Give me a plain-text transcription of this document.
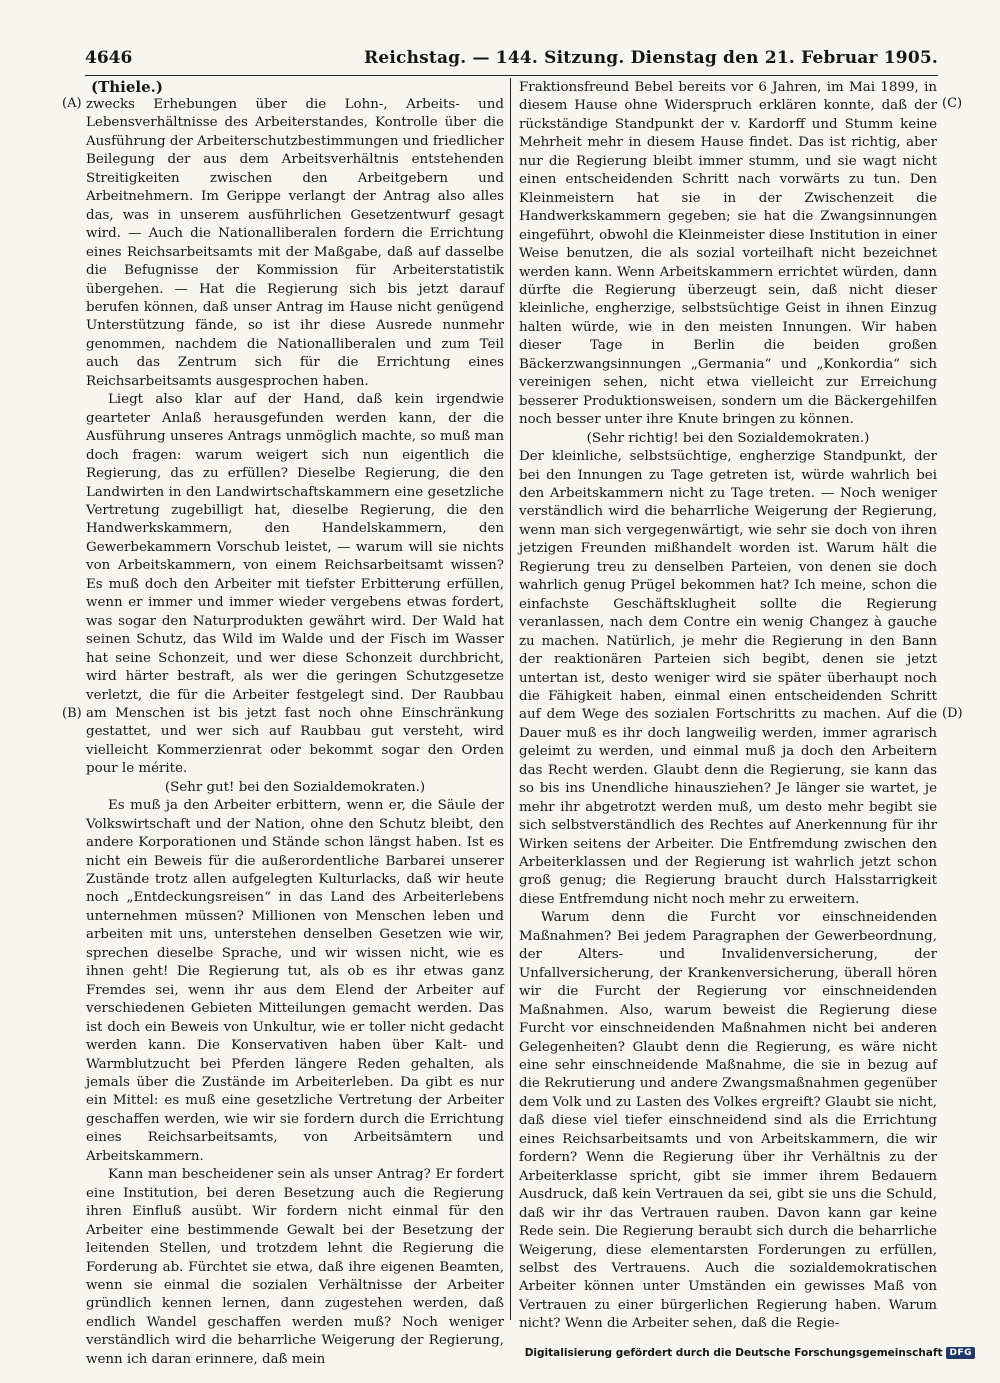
4646	Reichstag. — 144. Sitzung. Dienstag den 21. Februar 1905.
(Thiele.)
(A)
(B)
(C)
(D)

zwecks Erhebungen über die Lohn-, Arbeits- und Lebensverhältnisse des Arbeiterstandes, Kontrolle über die Ausführung der Arbeiterschutzbestimmungen und friedlicher Beilegung der aus dem Arbeitsverhältnis entstehenden Streitigkeiten zwischen den Arbeitgebern und Arbeitnehmern. Im Gerippe verlangt der Antrag also alles das, was in unserem ausführlichen Gesetzentwurf gesagt wird. — Auch die Nationalliberalen fordern die Errichtung eines Reichsarbeitsamts mit der Maßgabe, daß auf dasselbe die Befugnisse der Kommission für Arbeiterstatistik übergehen. — Hat die Regierung sich bis jetzt darauf berufen können, daß unser Antrag im Hause nicht genügend Unterstützung fände, so ist ihr diese Ausrede nunmehr genommen, nachdem die Nationalliberalen und zum Teil auch das Zentrum sich für die Errichtung eines Reichsarbeitsamts ausgesprochen haben.

Liegt also klar auf der Hand, daß kein irgendwie gearteter Anlaß herausgefunden werden kann, der die Ausführung unseres Antrags unmöglich machte, so muß man doch fragen: warum weigert sich nun eigentlich die Regierung, das zu erfüllen? Dieselbe Regierung, die den Landwirten in den Landwirtschaftskammern eine gesetzliche Vertretung zugebilligt hat, dieselbe Regierung, die den Handwerkskammern, den Handelskammern, den Gewerbekammern Vorschub leistet, — warum will sie nichts von Arbeitskammern, von einem Reichsarbeitsamt wissen? Es muß doch den Arbeiter mit tiefster Erbitterung erfüllen, wenn er immer und immer wieder vergebens etwas fordert, was sogar den Naturprodukten gewährt wird. Der Wald hat seinen Schutz, das Wild im Walde und der Fisch im Wasser hat seine Schonzeit, und wer diese Schonzeit durchbricht, wird härter bestraft, als wer die geringen Schutzgesetze verletzt, die für die Arbeiter festgelegt sind. Der Raubbau am Menschen ist bis jetzt fast noch ohne Einschränkung gestattet, und wer sich auf Raubbau gut versteht, wird vielleicht Kommerzienrat oder bekommt sogar den Orden pour le mérite.

(Sehr gut! bei den Sozialdemokraten.)

Es muß ja den Arbeiter erbittern, wenn er, die Säule der Volkswirtschaft und der Nation, ohne den Schutz bleibt, den andere Korporationen und Stände schon längst haben. Ist es nicht ein Beweis für die außerordentliche Barbarei unserer Zustände trotz allen aufgelegten Kulturlacks, daß wir heute noch „Entdeckungsreisen“ in das Land des Arbeiterlebens unternehmen müssen? Millionen von Menschen leben und arbeiten mit uns, unterstehen denselben Gesetzen wie wir, sprechen dieselbe Sprache, und wir wissen nicht, wie es ihnen geht! Die Regierung tut, als ob es ihr etwas ganz Fremdes sei, wenn ihr aus dem Elend der Arbeiter auf verschiedenen Gebieten Mitteilungen gemacht werden. Das ist doch ein Beweis von Unkultur, wie er toller nicht gedacht werden kann. Die Konservativen haben über Kalt- und Warmblutzucht bei Pferden längere Reden gehalten, als jemals über die Zustände im Arbeiterleben. Da gibt es nur ein Mittel: es muß eine gesetzliche Vertretung der Arbeiter geschaffen werden, wie wir sie fordern durch die Errichtung eines Reichsarbeitsamts, von Arbeitsämtern und Arbeitskammern.

Kann man bescheidener sein als unser Antrag? Er fordert eine Institution, bei deren Besetzung auch die Regierung ihren Einfluß ausübt. Wir fordern nicht einmal für den Arbeiter eine bestimmende Gewalt bei der Besetzung der leitenden Stellen, und trotzdem lehnt die Regierung die Forderung ab. Fürchtet sie etwa, daß ihre eigenen Beamten, wenn sie einmal die sozialen Verhältnisse der Arbeiter gründlich kennen lernen, dann zugestehen werden, daß endlich Wandel geschaffen werden muß? Noch weniger verständlich wird die beharrliche Weigerung der Regierung, wenn ich daran erinnere, daß mein

Fraktionsfreund Bebel bereits vor 6 Jahren, im Mai 1899, in diesem Hause ohne Widerspruch erklären konnte, daß der rückständige Standpunkt der v. Kardorff und Stumm keine Mehrheit mehr in diesem Hause findet. Das ist richtig, aber nur die Regierung bleibt immer stumm, und sie wagt nicht einen entscheidenden Schritt nach vorwärts zu tun. Den Kleinmeistern hat sie in der Zwischenzeit die Handwerkskammern gegeben; sie hat die Zwangsinnungen eingeführt, obwohl die Kleinmeister diese Institution in einer Weise benutzen, die als sozial vorteilhaft nicht bezeichnet werden kann. Wenn Arbeitskammern errichtet würden, dann dürfte die Regierung überzeugt sein, daß nicht dieser kleinliche, engherzige, selbstsüchtige Geist in ihnen Einzug halten würde, wie in den meisten Innungen. Wir haben dieser Tage in Berlin die beiden großen Bäckerzwangsinnungen „Germania“ und „Konkordia“ sich vereinigen sehen, nicht etwa vielleicht zur Erreichung besserer Produktionsweisen, sondern um die Bäckergehilfen noch besser unter ihre Knute bringen zu können.

(Sehr richtig! bei den Sozialdemokraten.)

Der kleinliche, selbstsüchtige, engherzige Standpunkt, der bei den Innungen zu Tage getreten ist, würde wahrlich bei den Arbeitskammern nicht zu Tage treten. — Noch weniger verständlich wird die beharrliche Weigerung der Regierung, wenn man sich vergegenwärtigt, wie sehr sie doch von ihren jetzigen Freunden mißhandelt worden ist. Warum hält die Regierung treu zu denselben Parteien, von denen sie doch wahrlich genug Prügel bekommen hat? Ich meine, schon die einfachste Geschäftsklugheit sollte die Regierung veranlassen, nach dem Contre ein wenig Changez à gauche zu machen. Natürlich, je mehr die Regierung in den Bann der reaktionären Parteien sich begibt, denen sie jetzt untertan ist, desto weniger wird sie später überhaupt noch die Fähigkeit haben, einmal einen entscheidenden Schritt auf dem Wege des sozialen Fortschritts zu machen. Auf die Dauer muß es ihr doch langweilig werden, immer agrarisch geleimt zu werden, und einmal muß ja doch den Arbeitern das Recht werden. Glaubt denn die Regierung, sie kann das so bis ins Unendliche hinausziehen? Je länger sie wartet, je mehr ihr abgetrotzt werden muß, um desto mehr begibt sie sich selbstverständlich des Rechtes auf Anerkennung für ihr Wirken seitens der Arbeiter. Die Entfremdung zwischen den Arbeiterklassen und der Regierung ist wahrlich jetzt schon groß genug; die Regierung braucht durch Halsstarrigkeit diese Entfremdung nicht noch mehr zu erweitern.

Warum denn die Furcht vor einschneidenden Maßnahmen? Bei jedem Paragraphen der Gewerbeordnung, der Alters- und Invalidenversicherung, der Unfallversicherung, der Krankenversicherung, überall hören wir die Furcht der Regierung vor einschneidenden Maßnahmen. Also, warum beweist die Regierung diese Furcht vor einschneidenden Maßnahmen nicht bei anderen Gelegenheiten? Glaubt denn die Regierung, es wäre nicht eine sehr einschneidende Maßnahme, die sie in bezug auf die Rekrutierung und andere Zwangsmaßnahmen gegenüber dem Volk und zu Lasten des Volkes ergreift? Glaubt sie nicht, daß diese viel tiefer einschneidend sind als die Errichtung eines Reichsarbeitsamts und von Arbeitskammern, die wir fordern? Wenn die Regierung über ihr Verhältnis zu der Arbeiterklasse spricht, gibt sie immer ihrem Bedauern Ausdruck, daß kein Vertrauen da sei, gibt sie uns die Schuld, daß wir ihr das Vertrauen rauben. Davon kann gar keine Rede sein. Die Regierung beraubt sich durch die beharrliche Weigerung, diese elementarsten Forderungen zu erfüllen, selbst des Vertrauens. Auch die sozialdemokratischen Arbeiter können unter Umständen ein gewisses Maß von Vertrauen zu einer bürgerlichen Regierung haben. Warum nicht? Wenn die Arbeiter sehen, daß die Regie-

Digitalisierung gefördert durch die Deutsche Forschungsgemeinschaft DFG
